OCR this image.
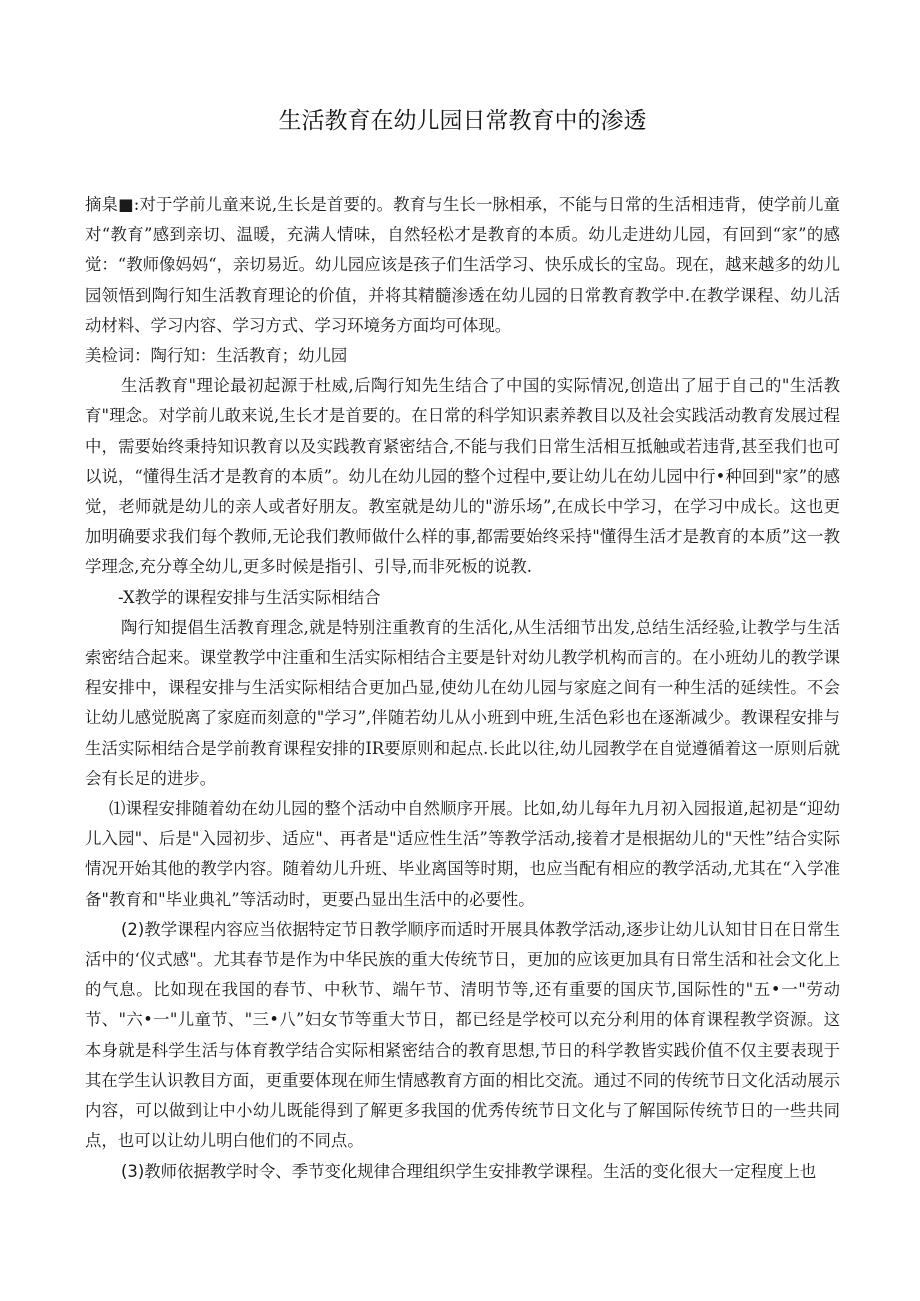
生活教育在幼儿园日常教育中的渗透

摘臬■:对于学前儿童来说,生长是首要的。教育与生长一脉相承，不能与日常的生活相违背，使学前儿童对“教育”感到亲切、温暖，充满人情味，自然轻松才是教育的本质。幼儿走进幼儿园，有回到“家”的感觉：“教师像妈妈“，亲切易近。幼儿园应该是孩子们生活学习、快乐成长的宝岛。现在，越来越多的幼儿园领悟到陶行知生活教育理论的价值，并将其精髓渗透在幼儿园的日常教育教学中.在教学课程、幼儿活动材料、学习内容、学习方式、学习环境务方面均可体现。

美检词：陶行知：生活教育；幼儿园

生活教育"理论最初起源于杜威,后陶行知先生结合了中国的实际情况,创造出了屈于自己的"生活教育"理念。对学前儿敢来说,生长才是首要的。在日常的科学知识素养教目以及社会实践活动教育发展过程中，需要始终秉持知识教育以及实践教育紧密结合,不能与我们日常生活相互抵触或若违背,甚至我们也可以说，“懂得生活才是教育的本质”。幼儿在幼儿园的整个过程中,要让幼儿在幼儿园中行•种回到"家”的感觉，老师就是幼儿的亲人或者好朋友。教室就是幼儿的"游乐场”,在成长中学习，在学习中成长。这也更加明确要求我们每个教师,无论我们教师做什么样的事,都需要始终采持"懂得生活才是教育的本质”这一教学理念,充分尊全幼儿,更多时候是指引、引导,而非死板的说教.

-X教学的课程安排与生活实际相结合

陶行知提倡生活教育理念,就是特别注重教育的生活化,从生活细节出发,总结生活经验,让教学与生活索密结合起来。课堂教学中注重和生活实际相结合主要是针对幼儿教学机构而言的。在小班幼儿的教学课程安排中，课程安排与生活实际相结合更加凸显,使幼儿在幼儿园与家庭之间有一种生活的延续性。不会让幼儿感觉脱离了家庭而刻意的"学习”,伴随若幼儿从小班到中班,生活色彩也在逐渐减少。教课程安排与生活实际相结合是学前教育课程安排的IR要原则和起点.长此以往,幼儿园教学在自觉遵循着这一原则后就会有长足的进步。

⑴课程安排随着幼在幼儿园的整个活动中自然顺序开展。比如,幼儿每年九月初入园报道,起初是“迎幼儿入园"、后是"入园初步、适应"、再者是"适应性生活”等教学活动,接着才是根据幼儿的"天性”结合实际情况开始其他的教学内容。随着幼儿升班、毕业离国等时期，也应当配有相应的教学活动,尤其在“入学准备"教育和"毕业典礼”等活动时，更要凸显出生活中的必要性。

(2)教学课程内容应当依据特定节日教学顺序而适时开展具体教学活动,逐步让幼儿认知甘日在日常生活中的‘仪式感"。尤其春节是作为中华民族的重大传统节日，更加的应该更加具有日常生活和社会文化上的气息。比如现在我国的春节、中秋节、端午节、清明节等,还有重要的国庆节,国际性的"五•一"劳动节、"六•一"儿童节、"三•八”妇女节等重大节日，都已经是学校可以充分利用的体育课程教学资源。这本身就是科学生活与体育教学结合实际相紧密结合的教育思想,节日的科学教皆实践价值不仅主要表现于其在学生认识教目方面，更重要体现在师生情感教育方面的相比交流。通过不同的传统节日文化活动展示内容，可以做到让中小幼儿既能得到了解更多我国的优秀传统节日文化与了解国际传统节日的一些共同点，也可以让幼儿明白他们的不同点。

(3)教师依据教学时令、季节变化规律合理组织学生安排教学课程。生活的变化很大一定程度上也
